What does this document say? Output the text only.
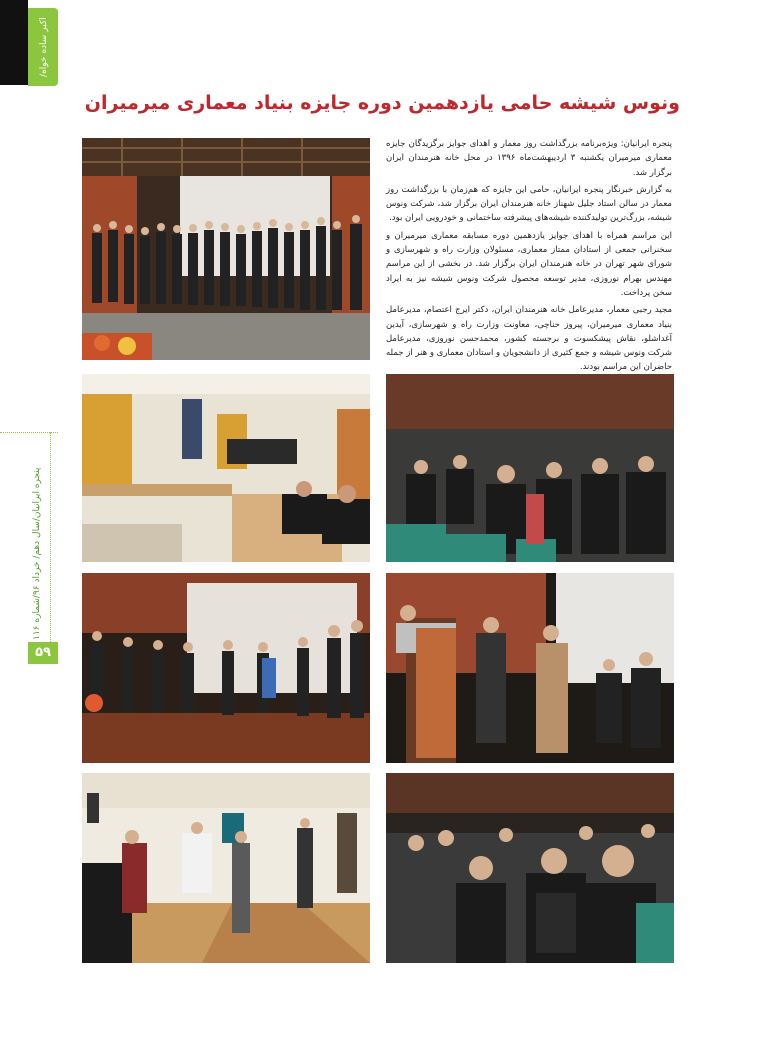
اکبر ساده خواه/پنجره
پنجره ایرانیان/سال دهم/ خرداد ۹۶/شماره ۱۱۶
۵۹
ونوس شیشه حامی یازدهمین دوره جایزه بنیاد معماری میرمیران

پنجره ایرانیان: ویژه‌برنامه بزرگداشت روز معمار و اهدای جوایز برگزیدگان جایزه معماری میرمیران یکشنبه ۳ اردیبهشت‌ماه ۱۳۹۶ در محل خانه هنرمندان ایران برگزار شد.

به گزارش خبرنگار پنجره ایرانیان، حامی این جایزه که هم‌زمان با بزرگداشت روز معمار در سالن استاد جلیل شهناز خانه هنرمندان ایران برگزار شد، شرکت ونوس شیشه، بزرگ‌ترین تولیدکننده شیشه‌های پیشرفته ساختمانی و خودرویی ایران بود.

این مراسم همراه با اهدای جوایز یازدهمین دوره مسابقه معماری میرمیران و سخنرانی جمعی از استادان ممتاز معماری، مسئولان وزارت راه و شهرسازی و شورای شهر تهران در خانه هنرمندان ایران برگزار شد. در بخشی از این مراسم مهندس بهرام نوروزی، مدیر توسعه محصول شرکت ونوس شیشه نیز به ایراد سخن پرداخت.

مجید رجبی معمار، مدیرعامل خانه هنرمندان ایران، دکتر ایرج اعتصام، مدیرعامل بنیاد معماری میرمیران، پیروز حناچی، معاونت وزارت راه و شهرسازی، آیدین آغداشلو، نقاش پیشکسوت و برجسته کشور، محمدحسن نوروزی، مدیرعامل شرکت ونوس شیشه و جمع کثیری از دانشجویان و استادان معماری و هنر از جمله حاضران این مراسم بودند.
